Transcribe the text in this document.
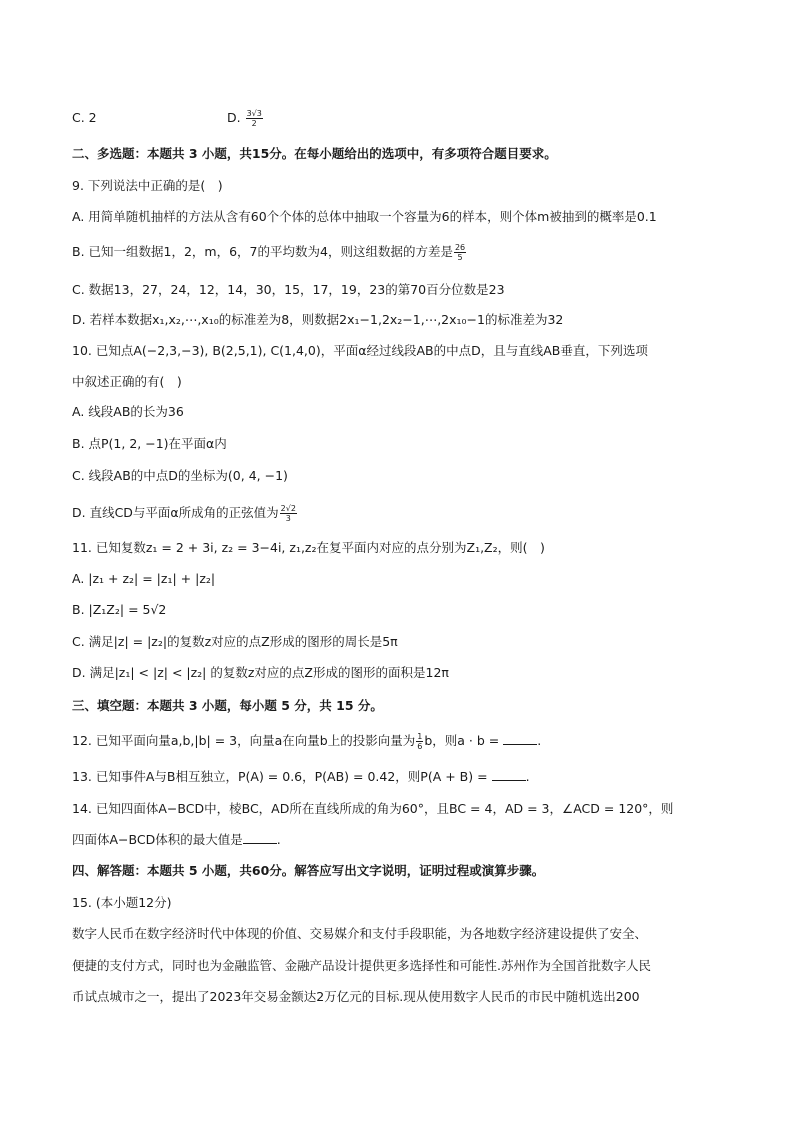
C. 2	D. $\frac{3√3}{2}$
二、多选题：本题共 3 小题，共15分。在每小题给出的选项中，有多项符合题目要求。
9. 下列说法中正确的是(　)
A. 用简单随机抽样的方法从含有60个个体的总体中抽取一个容量为6的样本，则个体m被抽到的概率是0.1
B. 已知一组数据1，2，m，6，7的平均数为4，则这组数据的方差是 $\frac{26}{5}$
C. 数据13，27，24，12，14，30，15，17，19，23的第70百分位数是23
D. 若样本数据x₁,x₂,⋯,x₁₀的标准差为8，则数据2x₁−1,2x₂−1,⋯,2x₁₀−1的标准差为32
10. 已知点A(−2,3,−3), B(2,5,1), C(1,4,0)，平面α经过线段AB的中点D，且与直线AB垂直，下列选项
中叙述正确的有(　)
A. 线段AB的长为36
B. 点P(1, 2, −1)在平面α内
C. 线段AB的中点D的坐标为(0, 4, −1)
D. 直线CD与平面α所成角的正弦值为 $\frac{2√2}{3}$
11. 已知复数z₁ = 2 + 3i, z₂ = 3−4i, z₁,z₂在复平面内对应的点分别为Z₁,Z₂，则(　)
A. |z₁ + z₂| = |z₁| + |z₂|
B. |Z₁Z₂| = 5√2
C. 满足|z| = |z₂|的复数z对应的点Z形成的图形的周长是5π
D. 满足|z₁| < |z| < |z₂| 的复数z对应的点Z形成的图形的面积是12π
三、填空题：本题共 3 小题，每小题 5 分，共 15 分。
12. 已知平面向量a,b,|b| = 3，向量a在向量b上的投影向量为 $\frac{1}{6}$ b，则a · b =	.
13. 已知事件A与B相互独立，P(A) = 0.6，P(AB) = 0.42，则P(A + B) =	.
14. 已知四面体A−BCD中，棱BC，AD所在直线所成的角为60°，且BC = 4，AD = 3，∠ACD = 120°，则
四面体A−BCD体积的最大值是	.
四、解答题：本题共 5 小题，共60分。解答应写出文字说明，证明过程或演算步骤。
15. (本小题12分)
数字人民币在数字经济时代中体现的价值、交易媒介和支付手段职能，为各地数字经济建设提供了安全、
便捷的支付方式，同时也为金融监管、金融产品设计提供更多选择性和可能性.苏州作为全国首批数字人民
币试点城市之一，提出了2023年交易金额达2万亿元的目标.现从使用数字人民币的市民中随机选出200
